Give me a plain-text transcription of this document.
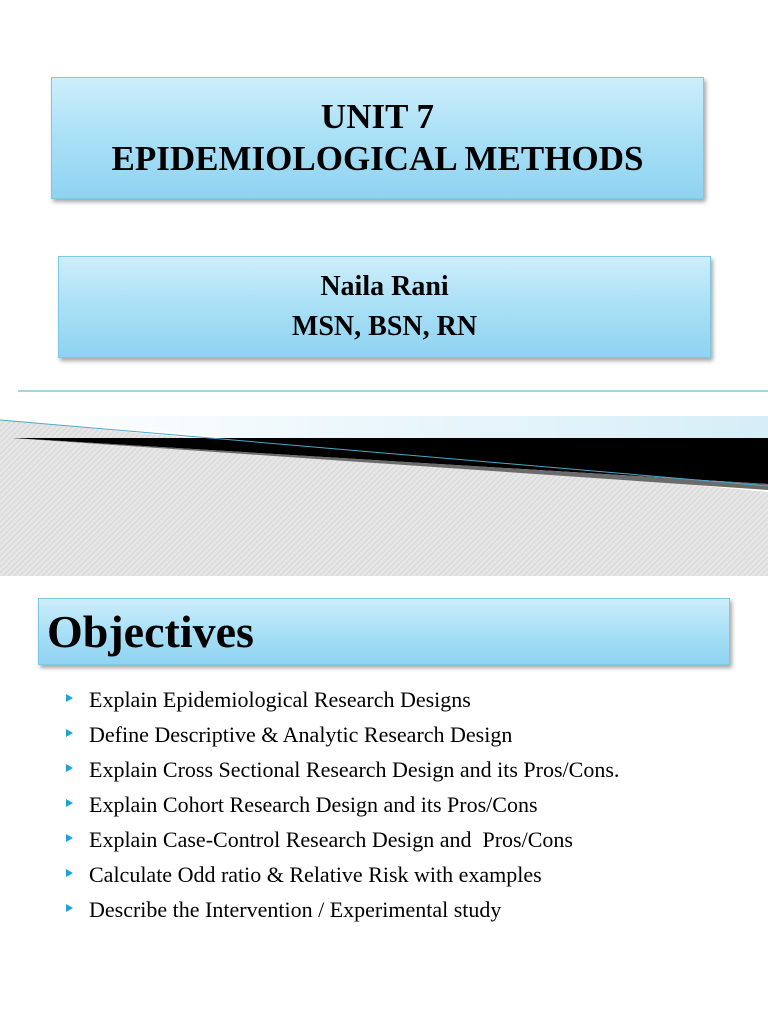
UNIT 7
EPIDEMIOLOGICAL METHODS
Naila Rani
MSN, BSN, RN
1
Objectives
Explain Epidemiological Research Designs
Define Descriptive & Analytic Research Design
Explain Cross Sectional Research Design and its Pros/Cons.
Explain Cohort Research Design and its Pros/Cons
Explain Case-Control Research Design and  Pros/Cons
Calculate Odd ratio & Relative Risk with examples
Describe the Intervention / Experimental study
